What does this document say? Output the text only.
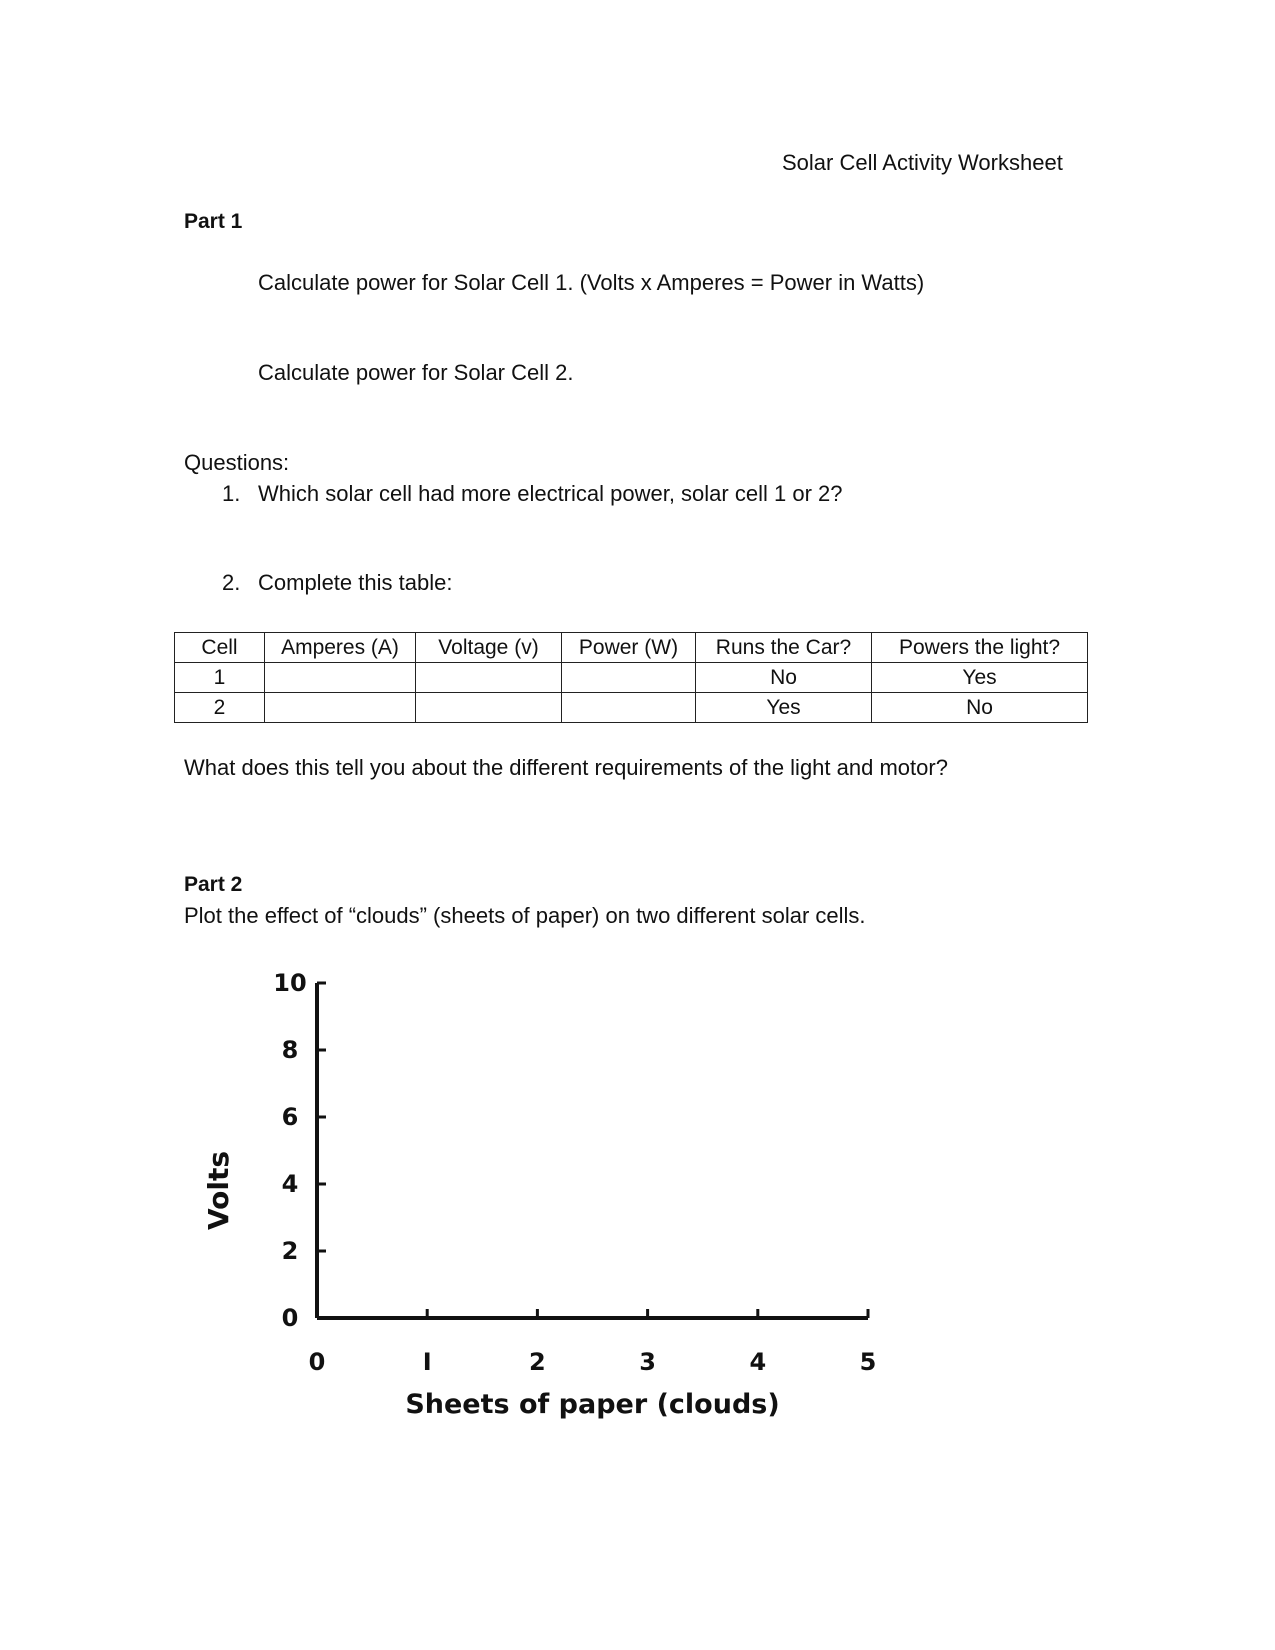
Solar Cell Activity Worksheet
Part 1
Calculate power for Solar Cell 1. (Volts x Amperes = Power in Watts)
Calculate power for Solar Cell 2.
Questions:
1. Which solar cell had more electrical power, solar cell 1 or 2?
2. Complete this table:
Cell	Amperes (A)	Voltage (v)	Power (W)	Runs the Car?	Powers the light?
1				No	Yes
2				Yes	No
What does this tell you about the different requirements of the light and motor?
Part 2
Plot the effect of “clouds” (sheets of paper) on two different solar cells.
0
2
4
6
8
10
0	I	2	3	4	5
Sheets of paper (clouds)
Volts
